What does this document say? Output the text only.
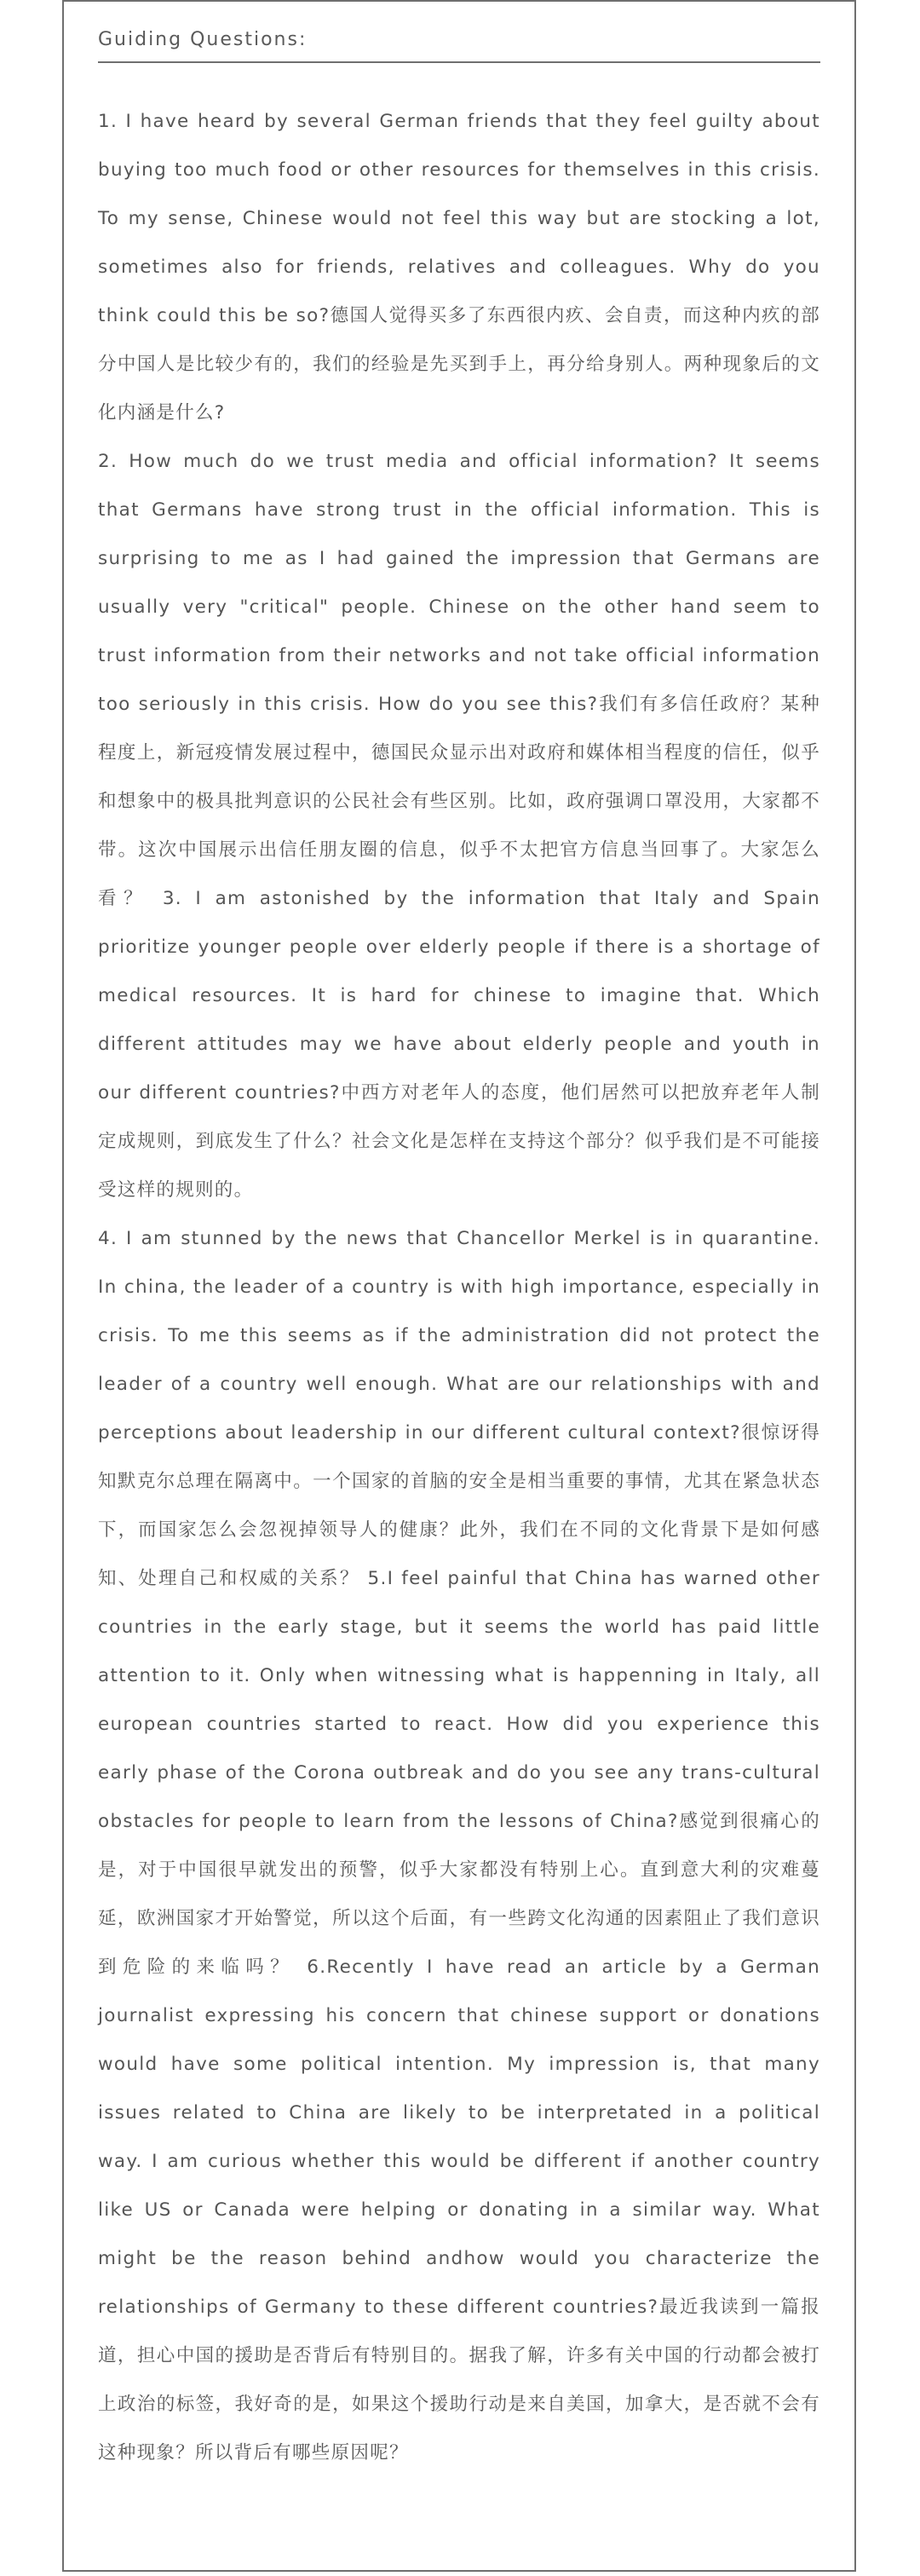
Guiding Questions:

1. I have heard by several German friends that they feel guilty about buying too much food or other resources for themselves in this crisis. To my sense, Chinese would not feel this way but are stocking a lot, sometimes also for friends, relatives and colleagues. Why do you think could this be so?德国人觉得买多了东西很内疚、会自责，而这种内疚的部分中国人是比较少有的，我们的经验是先买到手上，再分给身别人。两种现象后的文化内涵是什么?

2. How much do we trust media and official information? It seems that Germans have strong trust in the official information. This is surprising to me as I had gained the impression that Germans are usually very "critical" people. Chinese on the other hand seem to trust information from their networks and not take official information too seriously in this crisis. How do you see this?我们有多信任政府？某种程度上，新冠疫情发展过程中，德国民众显示出对政府和媒体相当程度的信任，似乎和想象中的极具批判意识的公民社会有些区别。比如，政府强调口罩没用，大家都不带。这次中国展示出信任朋友圈的信息，似乎不太把官方信息当回事了。大家怎么看？ 3. I am astonished by the information that Italy and Spain prioritize younger people over elderly people if there is a shortage of medical resources. It is hard for chinese to imagine that. Which different attitudes may we have about elderly people and youth in our different countries?中西方对老年人的态度，他们居然可以把放弃老年人制定成规则，到底发生了什么？社会文化是怎样在支持这个部分？似乎我们是不可能接受这样的规则的。

4. I am stunned by the news that Chancellor Merkel is in quarantine. In china, the leader of a country is with high importance, especially in crisis. To me this seems as if the administration did not protect the leader of a country well enough. What are our relationships with and perceptions about leadership in our different cultural context?很惊讶得知默克尔总理在隔离中。一个国家的首脑的安全是相当重要的事情，尤其在紧急状态下，而国家怎么会忽视掉领导人的健康？此外，我们在不同的文化背景下是如何感知、处理自己和权威的关系？ 5.I feel painful that China has warned other countries in the early stage, but it seems the world has paid little attention to it. Only when witnessing what is happenning in Italy, all european countries started to react. How did you experience this early phase of the Corona outbreak and do you see any trans-cultural obstacles for people to learn from the lessons of China?感觉到很痛心的是，对于中国很早就发出的预警，似乎大家都没有特别上心。直到意大利的灾难蔓延，欧洲国家才开始警觉，所以这个后面，有一些跨文化沟通的因素阻止了我们意识到危险的来临吗？ 6.Recently I have read an article by a German journalist expressing his concern that chinese support or donations would have some political intention. My impression is, that many issues related to China are likely to be interpretated in a political way. I am curious whether this would be different if another country like US or Canada were helping or donating in a similar way. What might be the reason behind andhow would you characterize the relationships of Germany to these different countries?最近我读到一篇报道，担心中国的援助是否背后有特别目的。据我了解，许多有关中国的行动都会被打上政治的标签，我好奇的是，如果这个援助行动是来自美国，加拿大，是否就不会有这种现象？所以背后有哪些原因呢？
